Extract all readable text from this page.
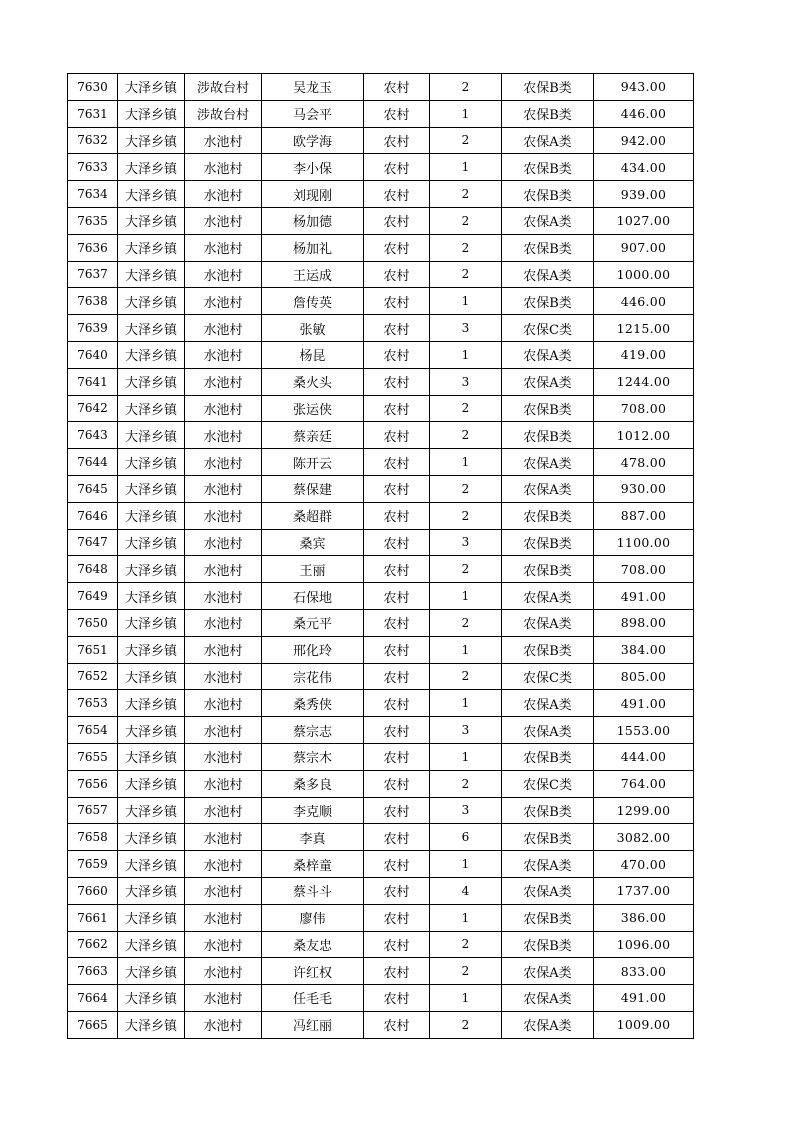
7630	大泽乡镇	涉故台村	吴龙玉	农村	2	农保B类	943.00
7631	大泽乡镇	涉故台村	马会平	农村	1	农保B类	446.00
7632	大泽乡镇	水池村	欧学海	农村	2	农保A类	942.00
7633	大泽乡镇	水池村	李小保	农村	1	农保B类	434.00
7634	大泽乡镇	水池村	刘现刚	农村	2	农保B类	939.00
7635	大泽乡镇	水池村	杨加德	农村	2	农保A类	1027.00
7636	大泽乡镇	水池村	杨加礼	农村	2	农保B类	907.00
7637	大泽乡镇	水池村	王运成	农村	2	农保A类	1000.00
7638	大泽乡镇	水池村	詹传英	农村	1	农保B类	446.00
7639	大泽乡镇	水池村	张敏	农村	3	农保C类	1215.00
7640	大泽乡镇	水池村	杨昆	农村	1	农保A类	419.00
7641	大泽乡镇	水池村	桑火头	农村	3	农保A类	1244.00
7642	大泽乡镇	水池村	张运侠	农村	2	农保B类	708.00
7643	大泽乡镇	水池村	蔡亲廷	农村	2	农保B类	1012.00
7644	大泽乡镇	水池村	陈开云	农村	1	农保A类	478.00
7645	大泽乡镇	水池村	蔡保建	农村	2	农保A类	930.00
7646	大泽乡镇	水池村	桑超群	农村	2	农保B类	887.00
7647	大泽乡镇	水池村	桑宾	农村	3	农保B类	1100.00
7648	大泽乡镇	水池村	王丽	农村	2	农保B类	708.00
7649	大泽乡镇	水池村	石保地	农村	1	农保A类	491.00
7650	大泽乡镇	水池村	桑元平	农村	2	农保A类	898.00
7651	大泽乡镇	水池村	邢化玲	农村	1	农保B类	384.00
7652	大泽乡镇	水池村	宗花伟	农村	2	农保C类	805.00
7653	大泽乡镇	水池村	桑秀侠	农村	1	农保A类	491.00
7654	大泽乡镇	水池村	蔡宗志	农村	3	农保A类	1553.00
7655	大泽乡镇	水池村	蔡宗木	农村	1	农保B类	444.00
7656	大泽乡镇	水池村	桑多良	农村	2	农保C类	764.00
7657	大泽乡镇	水池村	李克顺	农村	3	农保B类	1299.00
7658	大泽乡镇	水池村	李真	农村	6	农保B类	3082.00
7659	大泽乡镇	水池村	桑梓童	农村	1	农保A类	470.00
7660	大泽乡镇	水池村	蔡斗斗	农村	4	农保A类	1737.00
7661	大泽乡镇	水池村	廖伟	农村	1	农保B类	386.00
7662	大泽乡镇	水池村	桑友忠	农村	2	农保B类	1096.00
7663	大泽乡镇	水池村	许红权	农村	2	农保A类	833.00
7664	大泽乡镇	水池村	任毛毛	农村	1	农保A类	491.00
7665	大泽乡镇	水池村	冯红丽	农村	2	农保A类	1009.00
